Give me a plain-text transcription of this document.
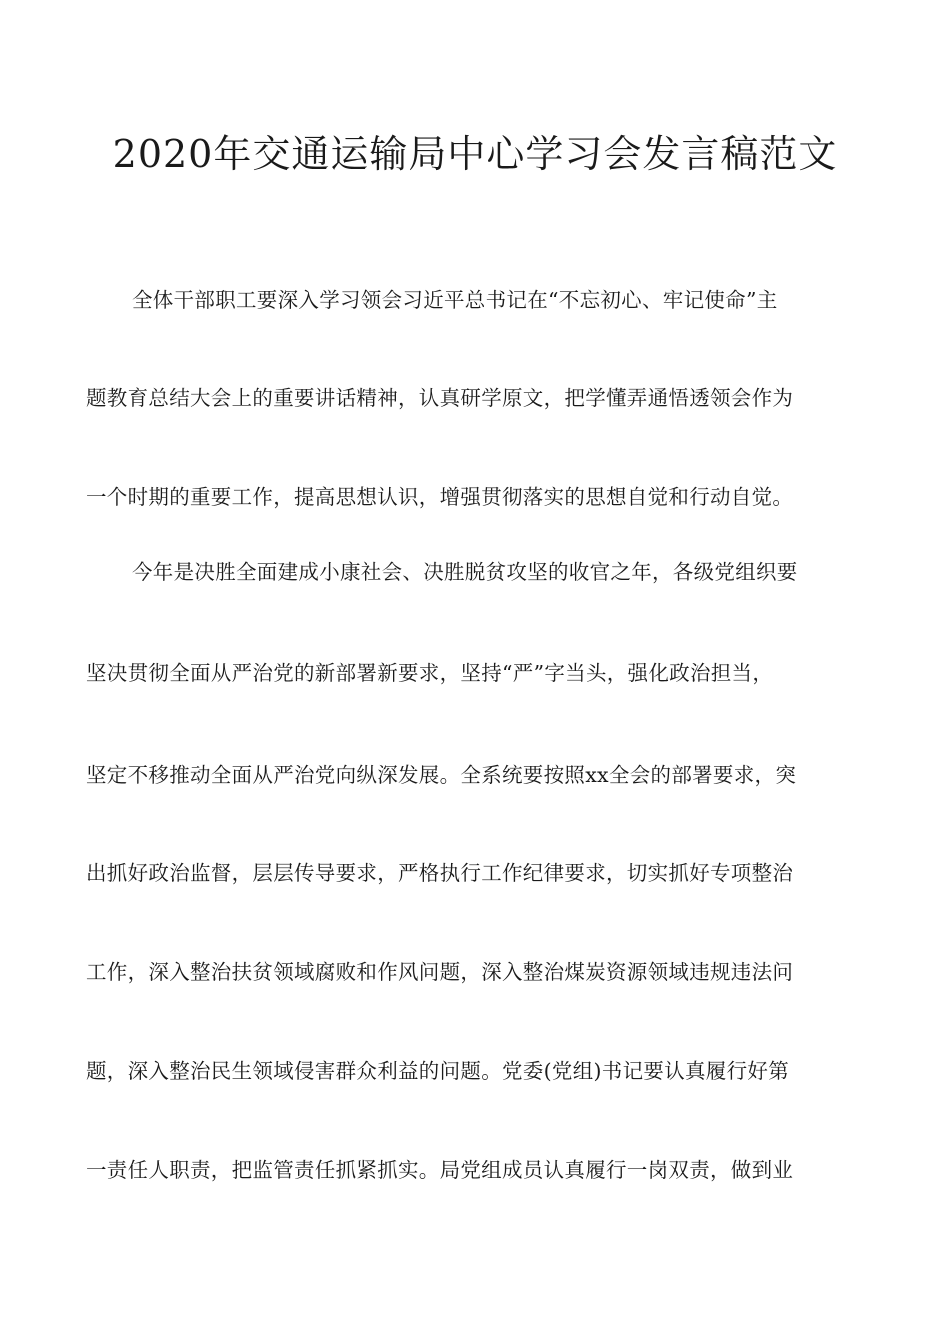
2020年交通运输局中心学习会发言稿范文

全体干部职工要深入学习领会习近平总书记在“不忘初心、牢记使命”主

题教育总结大会上的重要讲话精神，认真研学原文，把学懂弄通悟透领会作为

一个时期的重要工作，提高思想认识，增强贯彻落实的思想自觉和行动自觉。

今年是决胜全面建成小康社会、决胜脱贫攻坚的收官之年，各级党组织要

坚决贯彻全面从严治党的新部署新要求，坚持“严”字当头，强化政治担当，

坚定不移推动全面从严治党向纵深发展。全系统要按照xx全会的部署要求，突

出抓好政治监督，层层传导要求，严格执行工作纪律要求，切实抓好专项整治

工作，深入整治扶贫领域腐败和作风问题，深入整治煤炭资源领域违规违法问

题，深入整治民生领域侵害群众利益的问题。党委(党组)书记要认真履行好第

一责任人职责，把监管责任抓紧抓实。局党组成员认真履行一岗双责，做到业
